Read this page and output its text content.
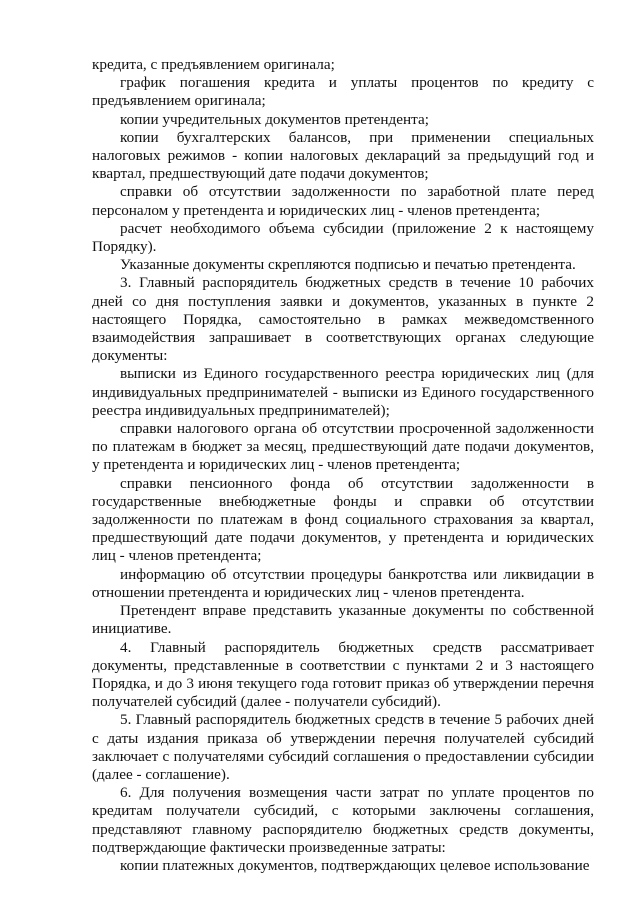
кредита, с предъявлением оригинала;

график погашения кредита и уплаты процентов по кредиту с предъявлением оригинала;

копии учредительных документов претендента;

копии бухгалтерских балансов, при применении специальных налоговых режимов - копии налоговых деклараций за предыдущий год и квартал, предшествующий дате подачи документов;

справки об отсутствии задолженности по заработной плате перед персоналом у претендента и юридических лиц - членов претендента;

расчет необходимого объема субсидии (приложение 2 к настоящему Порядку).

Указанные документы скрепляются подписью и печатью претендента.

3. Главный распорядитель бюджетных средств в течение 10 рабочих дней со дня поступления заявки и документов, указанных в пункте 2 настоящего Порядка, самостоятельно в рамках межведомственного взаимодействия запрашивает в соответствующих органах следующие документы:

выписки из Единого государственного реестра юридических лиц (для индивидуальных предпринимателей - выписки из Единого государственного реестра индивидуальных предпринимателей);

справки налогового органа об отсутствии просроченной задолженности по платежам в бюджет за месяц, предшествующий дате подачи документов, у претендента и юридических лиц - членов претендента;

справки пенсионного фонда об отсутствии задолженности в государственные внебюджетные фонды и справки об отсутствии задолженности по платежам в фонд социального страхования за квартал, предшествующий дате подачи документов, у претендента и юридических лиц - членов претендента;

информацию об отсутствии процедуры банкротства или ликвидации в отношении претендента и юридических лиц - членов претендента.

Претендент вправе представить указанные документы по собственной инициативе.

4. Главный распорядитель бюджетных средств рассматривает документы, представленные в соответствии с пунктами 2 и 3 настоящего Порядка, и до 3 июня текущего года готовит приказ об утверждении перечня получателей субсидий (далее - получатели субсидий).

5. Главный распорядитель бюджетных средств в течение 5 рабочих дней с даты издания приказа об утверждении перечня получателей субсидий заключает с получателями субсидий соглашения о предоставлении субсидии (далее - соглашение).

6. Для получения возмещения части затрат по уплате процентов по кредитам получатели субсидий, с которыми заключены соглашения, представляют главному распорядителю бюджетных средств документы, подтверждающие фактически произведенные затраты:

копии платежных документов, подтверждающих целевое использование
